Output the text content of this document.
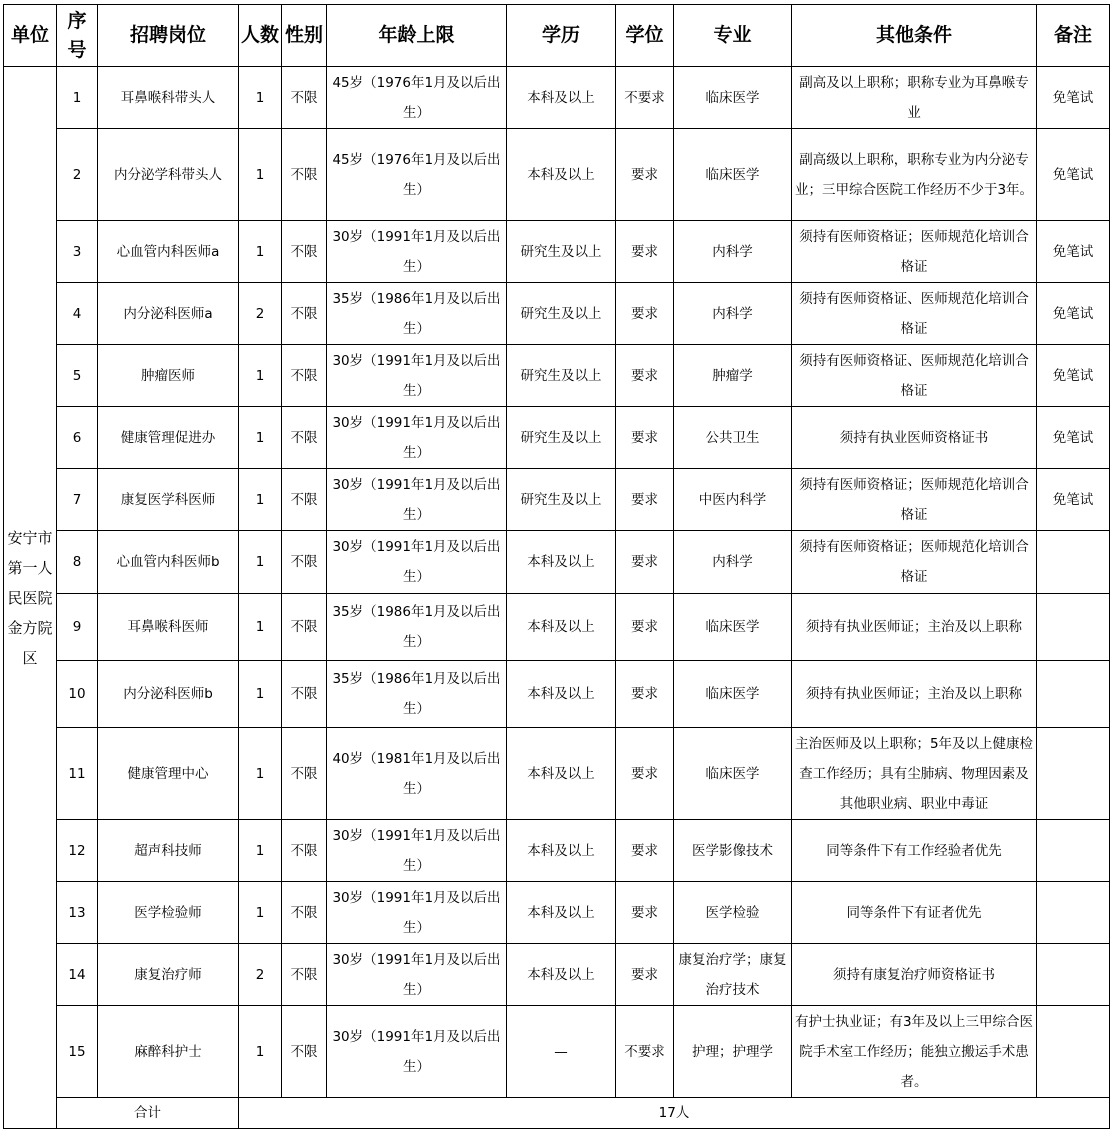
单位	序号	招聘岗位	人数	性别	年龄上限	学历	学位	专业	其他条件	备注
安宁市第一人民医院金方院区	1	耳鼻喉科带头人	1	不限	45岁（1976年1月及以后出生）	本科及以上	不要求	临床医学	副高及以上职称；职称专业为耳鼻喉专业	免笔试
	2	内分泌学科带头人	1	不限	45岁（1976年1月及以后出生）	本科及以上	要求	临床医学	副高级以上职称，职称专业为内分泌专业；三甲综合医院工作经历不少于3年。	免笔试
	3	心血管内科医师a	1	不限	30岁（1991年1月及以后出生）	研究生及以上	要求	内科学	须持有医师资格证；医师规范化培训合格证	免笔试
	4	内分泌科医师a	2	不限	35岁（1986年1月及以后出生）	研究生及以上	要求	内科学	须持有医师资格证、医师规范化培训合格证	免笔试
	5	肿瘤医师	1	不限	30岁（1991年1月及以后出生）	研究生及以上	要求	肿瘤学	须持有医师资格证、医师规范化培训合格证	免笔试
	6	健康管理促进办	1	不限	30岁（1991年1月及以后出生）	研究生及以上	要求	公共卫生	须持有执业医师资格证书	免笔试
	7	康复医学科医师	1	不限	30岁（1991年1月及以后出生）	研究生及以上	要求	中医内科学	须持有医师资格证；医师规范化培训合格证	免笔试
	8	心血管内科医师b	1	不限	30岁（1991年1月及以后出生）	本科及以上	要求	内科学	须持有医师资格证；医师规范化培训合格证	
	9	耳鼻喉科医师	1	不限	35岁（1986年1月及以后出生）	本科及以上	要求	临床医学	须持有执业医师证；主治及以上职称	
	10	内分泌科医师b	1	不限	35岁（1986年1月及以后出生）	本科及以上	要求	临床医学	须持有执业医师证；主治及以上职称	
	11	健康管理中心	1	不限	40岁（1981年1月及以后出生）	本科及以上	要求	临床医学	主治医师及以上职称；5年及以上健康检查工作经历；具有尘肺病、物理因素及其他职业病、职业中毒证	
	12	超声科技师	1	不限	30岁（1991年1月及以后出生）	本科及以上	要求	医学影像技术	同等条件下有工作经验者优先	
	13	医学检验师	1	不限	30岁（1991年1月及以后出生）	本科及以上	要求	医学检验	同等条件下有证者优先	
	14	康复治疗师	2	不限	30岁（1991年1月及以后出生）	本科及以上	要求	康复治疗学；康复治疗技术	须持有康复治疗师资格证书	
	15	麻醉科护士	1	不限	30岁（1991年1月及以后出生）	—	不要求	护理；护理学	有护士执业证；有3年及以上三甲综合医院手术室工作经历；能独立搬运手术患者。	
	合计		17人							
